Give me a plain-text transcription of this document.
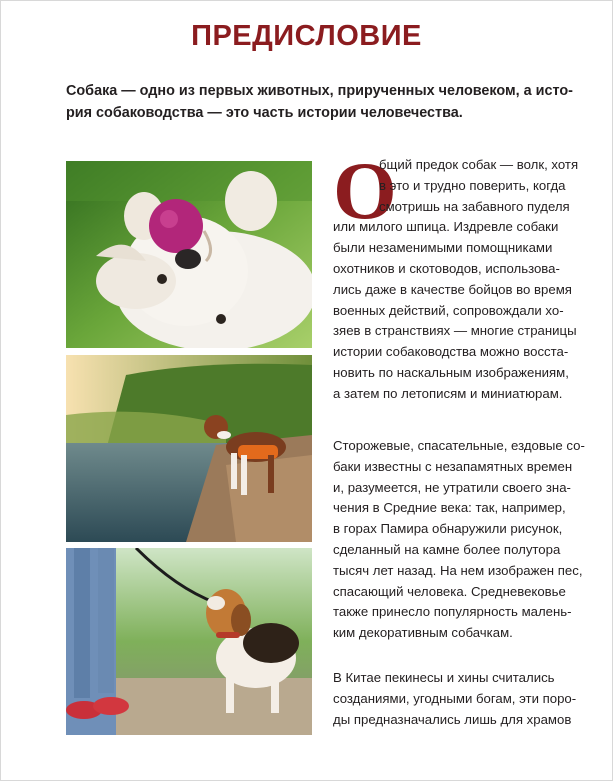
ПРЕДИСЛОВИЕ
Собака — одно из первых животных, прирученных человеком, а исто-
рия собаководства — это часть истории человечества.
О
бщий предок собак — волк, хотя
в это и трудно поверить, когда
смотришь на забавного пуделя
или милого шпица. Издревле собаки
были незаменимыми помощниками
охотников и скотоводов, использова-
лись даже в качестве бойцов во время
военных действий, сопровождали хо-
зяев в странствиях — многие страницы
истории собаководства можно восста-
новить по наскальным изображениям,
а затем по летописям и миниатюрам.
Сторожевые, спасательные, ездовые со-
баки известны с незапамятных времен
и, разумеется, не утратили своего зна-
чения в Средние века: так, например,
в горах Памира обнаружили рисунок,
сделанный на камне более полутора
тысяч лет назад. На нем изображен пес,
спасающий человека. Средневековье
также принесло популярность малень-
ким декоративным собачкам.
В Китае пекинесы и хины считались
созданиями, угодными богам, эти поро-
ды предназначались лишь для храмов
